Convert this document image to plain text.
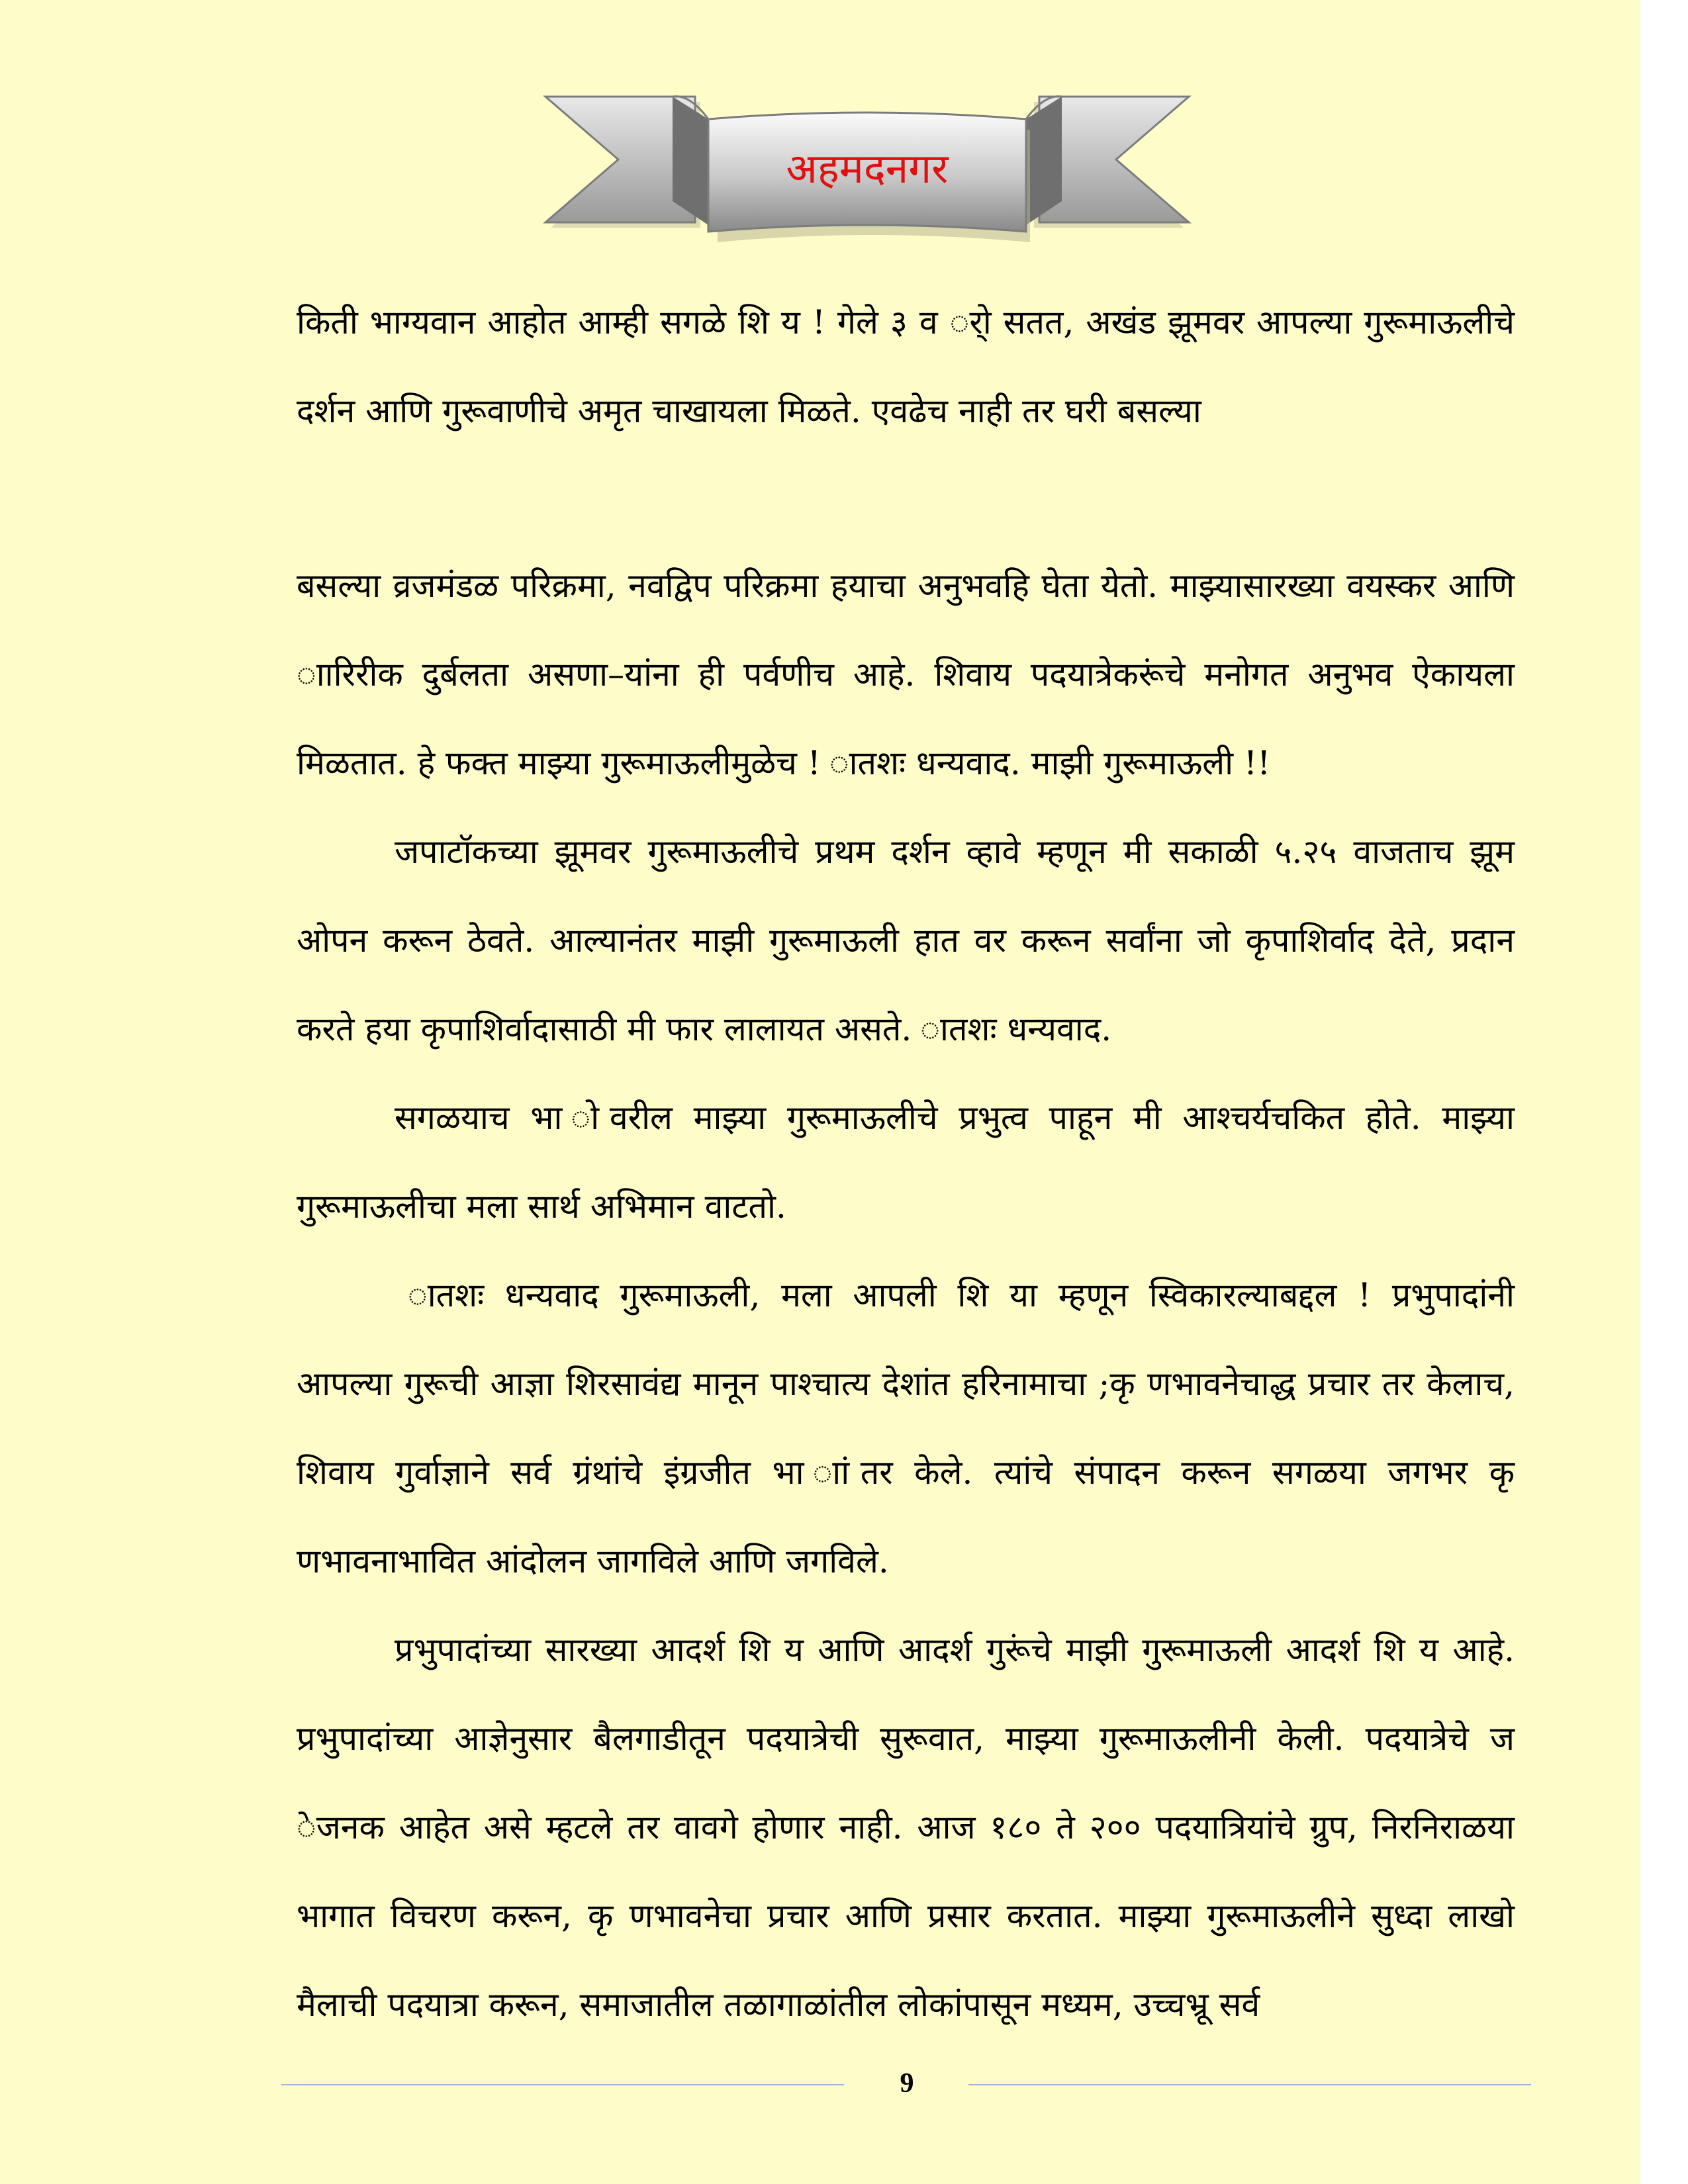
अहमदनगर

किती भाग्यवान आहोत आम्ही सगळे शि य ! गेले ३ व र्ो सतत, अखंड झूमवर आपल्या गुरूमाऊलीचे दर्शन आणि गुरूवाणीचे अमृत चाखायला मिळते. एवढेच नाही तर घरी बसल्या

बसल्या व्रजमंडळ परिक्रमा, नवद्विप परिक्रमा हयाचा अनुभवहि घेता येतो. माझ्यासारख्या वयस्कर आणि ाारिरीक दुर्बलता असणा–यांना ही पर्वणीच आहे. शिवाय पदयात्रेकरूंचे मनोगत अनुभव ऐकायला मिळतात. हे फक्त माझ्या गुरूमाऊलीमुळेच ! ातशः धन्यवाद. माझी गुरूमाऊली !!

जपाटॉकच्या झूमवर गुरूमाऊलीचे प्रथम दर्शन व्हावे म्हणून मी सकाळी ५.२५ वाजताच झूम ओपन करून ठेवते. आल्यानंतर माझी गुरूमाऊली हात वर करून सर्वांना जो कृपाशिर्वाद देते, प्रदान करते हया कृपाशिर्वादासाठी मी फार लालायत असते. ातशः धन्यवाद.

सगळयाच भा ोवरील माझ्या गुरूमाऊलीचे प्रभुत्व पाहून मी आश्चर्यचकित होते. माझ्या गुरूमाऊलीचा मला सार्थ अभिमान वाटतो.

ातशः धन्यवाद गुरूमाऊली, मला आपली शि या म्हणून स्विकारल्याबद्दल ! प्रभुपादांनी आपल्या गुरूची आज्ञा शिरसावंद्य मानून पाश्चात्य देशांत हरिनामाचा ;कृ णभावनेचाद्ध प्रचार तर केलाच, शिवाय गुर्वाज्ञाने सर्व ग्रंथांचे इंग्रजीत भा ाांतर केले. त्यांचे संपादन करून सगळया जगभर कृ णभावनाभावित आंदोलन जागविले आणि जगविले.

प्रभुपादांच्या सारख्या आदर्श शि य आणि आदर्श गुरूंचे माझी गुरूमाऊली आदर्श शि य आहे. प्रभुपादांच्या आज्ञेनुसार बैलगाडीतून पदयात्रेची सुरूवात, माझ्या गुरूमाऊलीनी केली. पदयात्रेचे ज ेजनक आहेत असे म्हटले तर वावगे होणार नाही. आज १८० ते २०० पदयात्रियांचे ग्रुप, निरनिराळया भागात विचरण करून, कृ णभावनेचा प्रचार आणि प्रसार करतात. माझ्या गुरूमाऊलीने सुध्दा लाखो मैलाची पदयात्रा करून, समाजातील तळागाळांतील लोकांपासून मध्यम, उच्चभ्रू सर्व

9
